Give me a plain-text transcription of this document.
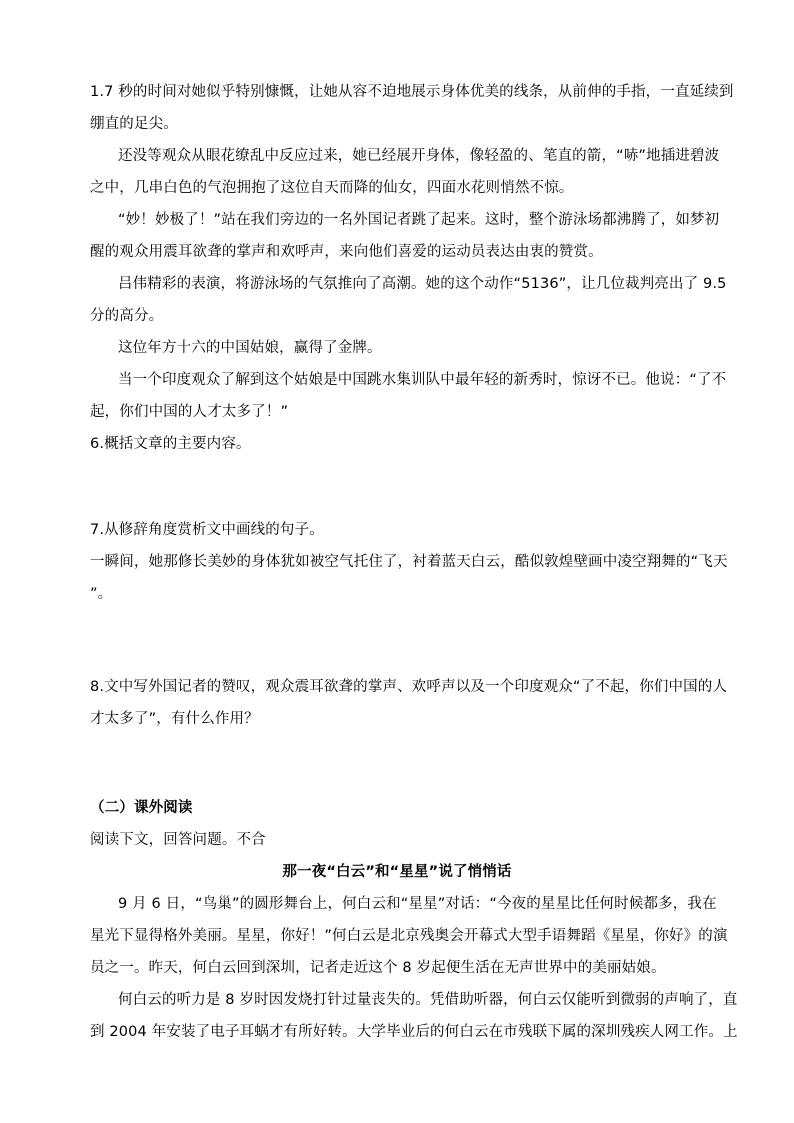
1.7 秒的时间对她似乎特别慷慨，让她从容不迫地展示身体优美的线条，从前伸的手指，一直延续到
绷直的足尖。
还没等观众从眼花缭乱中反应过来，她已经展开身体，像轻盈的、笔直的箭，“哧”地插进碧波
之中，几串白色的气泡拥抱了这位自天而降的仙女，四面水花则悄然不惊。
“妙！妙极了！”站在我们旁边的一名外国记者跳了起来。这时，整个游泳场都沸腾了，如梦初
醒的观众用震耳欲聋的掌声和欢呼声，来向他们喜爱的运动员表达由衷的赞赏。
吕伟精彩的表演，将游泳场的气氛推向了高潮。她的这个动作“5136”，让几位裁判亮出了 9.5
分的高分。
这位年方十六的中国姑娘，赢得了金牌。
当一个印度观众了解到这个姑娘是中国跳水集训队中最年轻的新秀时，惊讶不已。他说：“了不
起，你们中国的人才太多了！”
6.概括文章的主要内容。
7.从修辞角度赏析文中画线的句子。
一瞬间，她那修长美妙的身体犹如被空气托住了，衬着蓝天白云，酷似敦煌壁画中凌空翔舞的“飞天
”。
8.文中写外国记者的赞叹，观众震耳欲聋的掌声、欢呼声以及一个印度观众“了不起，你们中国的人
才太多了”，有什么作用？
（二）课外阅读
阅读下文，回答问题。不合
那一夜“白云”和“星星”说了悄悄话
9 月 6 日，“鸟巢”的圆形舞台上，何白云和“星星”对话：“今夜的星星比任何时候都多，我在
星光下显得格外美丽。星星，你好！”何白云是北京残奥会开幕式大型手语舞蹈《星星，你好》的演
员之一。昨天，何白云回到深圳，记者走近这个 8 岁起便生活在无声世界中的美丽姑娘。
何白云的听力是 8 岁时因发烧打针过量丧失的。凭借助听器，何白云仅能听到微弱的声响了，直
到 2004 年安装了电子耳蜗才有所好转。大学毕业后的何白云在市残联下属的深圳残疾人网工作。上
